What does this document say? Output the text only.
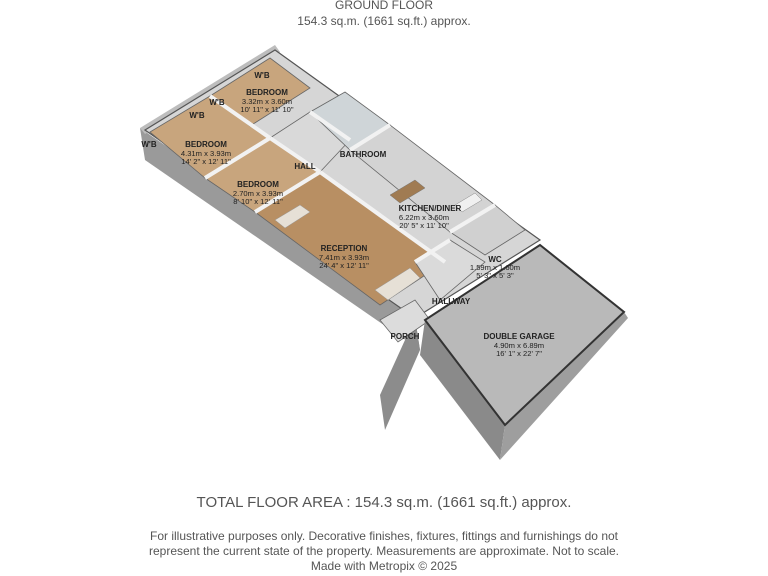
GROUND FLOOR
154.3 sq.m. (1661 sq.ft.) approx.
W'B
W'B
W'B
W'B
BEDROOM
3.32m x 3.60m
10' 11" x 11' 10"
BEDROOM
4.31m x 3.93m
14' 2" x 12' 11"
BEDROOM
2.70m x 3.93m
8' 10" x 12' 11"
HALL
BATHROOM
KITCHEN/DINER
6.22m x 3.60m
20' 5" x 11' 10"
RECEPTION
7.41m x 3.93m
24' 4" x 12' 11"
WC
1.59m x 1.60m
5' 3" x 5' 3"
HALLWAY
PORCH	DOUBLE GARAGE
4.90m x 6.89m
16' 1" x 22' 7"
TOTAL FLOOR AREA : 154.3 sq.m. (1661 sq.ft.) approx.
For illustrative purposes only. Decorative finishes, fixtures, fittings and furnishings do not
represent the current state of the property. Measurements are approximate. Not to scale.
Made with Metropix © 2025
